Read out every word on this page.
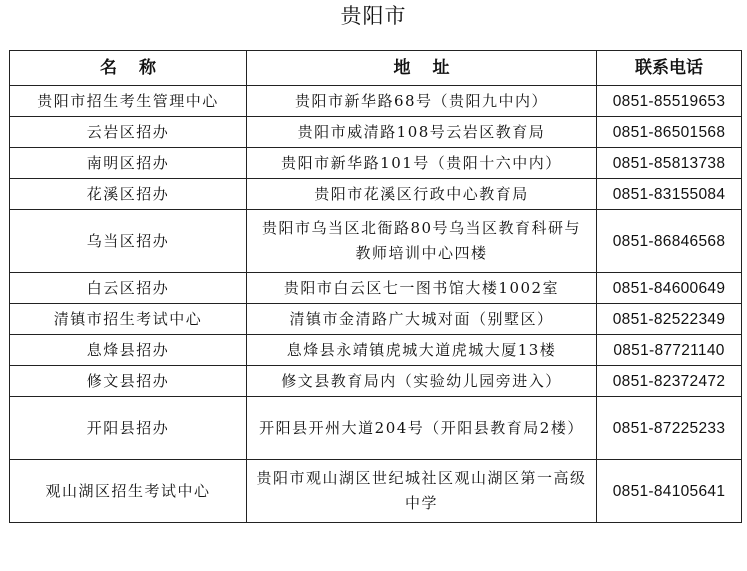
贵阳市
名称	地址	联系电话
贵阳市招生考生管理中心	贵阳市新华路68号（贵阳九中内）	0851-85519653
云岩区招办	贵阳市威清路108号云岩区教育局	0851-86501568
南明区招办	贵阳市新华路101号（贵阳十六中内）	0851-85813738
花溪区招办	贵阳市花溪区行政中心教育局	0851-83155084
乌当区招办	贵阳市乌当区北衙路80号乌当区教育科研与教师培训中心四楼	0851-86846568
白云区招办	贵阳市白云区七一图书馆大楼1002室	0851-84600649
清镇市招生考试中心	清镇市金清路广大城对面（别墅区）	0851-82522349
息烽县招办	息烽县永靖镇虎城大道虎城大厦13楼	0851-87721140
修文县招办	修文县教育局内（实验幼儿园旁进入）	0851-82372472
开阳县招办	开阳县开州大道204号（开阳县教育局2楼）	0851-87225233
观山湖区招生考试中心	贵阳市观山湖区世纪城社区观山湖区第一高级中学	0851-84105641
